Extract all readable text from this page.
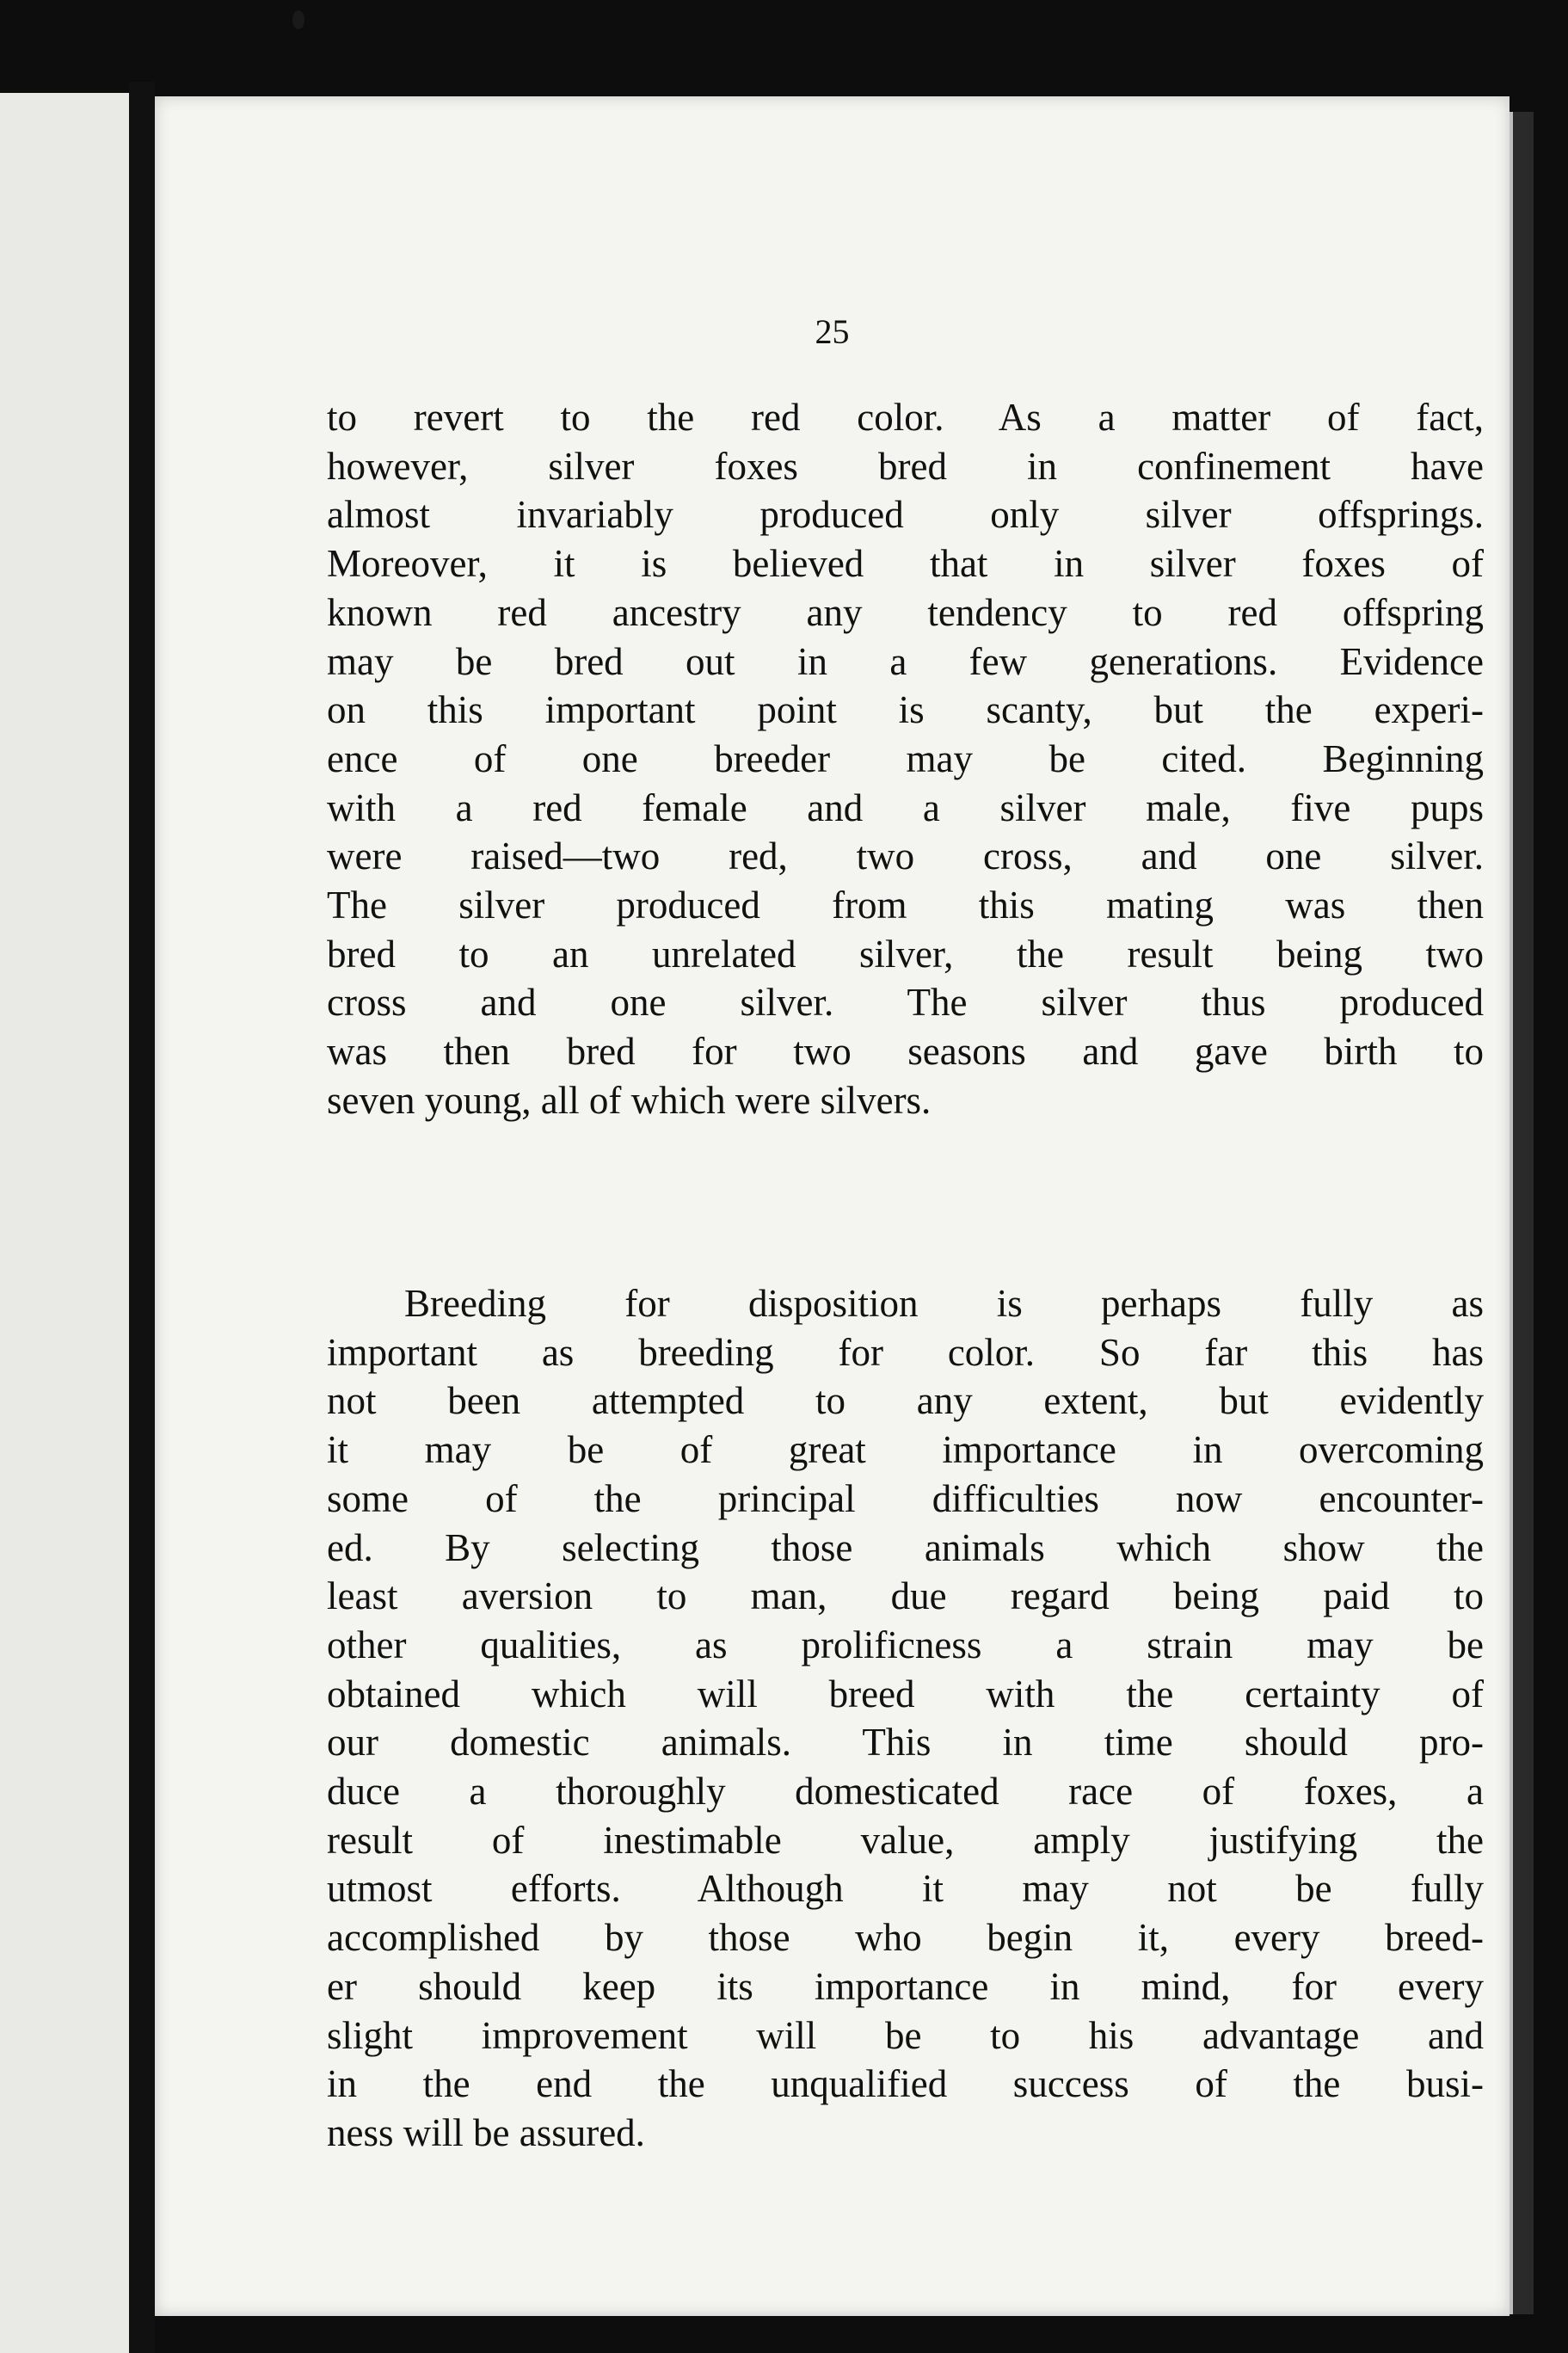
25
to revert to the red color. As a matter of fact,
however, silver foxes bred in confinement have
almost invariably produced only silver offsprings.
Moreover, it is believed that in silver foxes of
known red ancestry any tendency to red offspring
may be bred out in a few generations. Evidence
on this important point is scanty, but the experi-
ence of one breeder may be cited. Beginning
with a red female and a silver male, five pups
were raised—two red, two cross, and one silver.
The silver produced from this mating was then
bred to an unrelated silver, the result being two
cross and one silver. The silver thus produced
was then bred for two seasons and gave birth to
seven young, all of which were silvers.
Breeding for disposition is perhaps fully as
important as breeding for color. So far this has
not been attempted to any extent, but evidently
it may be of great importance in overcoming
some of the principal difficulties now encounter-
ed. By selecting those animals which show the
least aversion to man, due regard being paid to
other qualities, as prolificness a strain may be
obtained which will breed with the certainty of
our domestic animals. This in time should pro-
duce a thoroughly domesticated race of foxes, a
result of inestimable value, amply justifying the
utmost efforts. Although it may not be fully
accomplished by those who begin it, every breed-
er should keep its importance in mind, for every
slight improvement will be to his advantage and
in the end the unqualified success of the busi-
ness will be assured.
